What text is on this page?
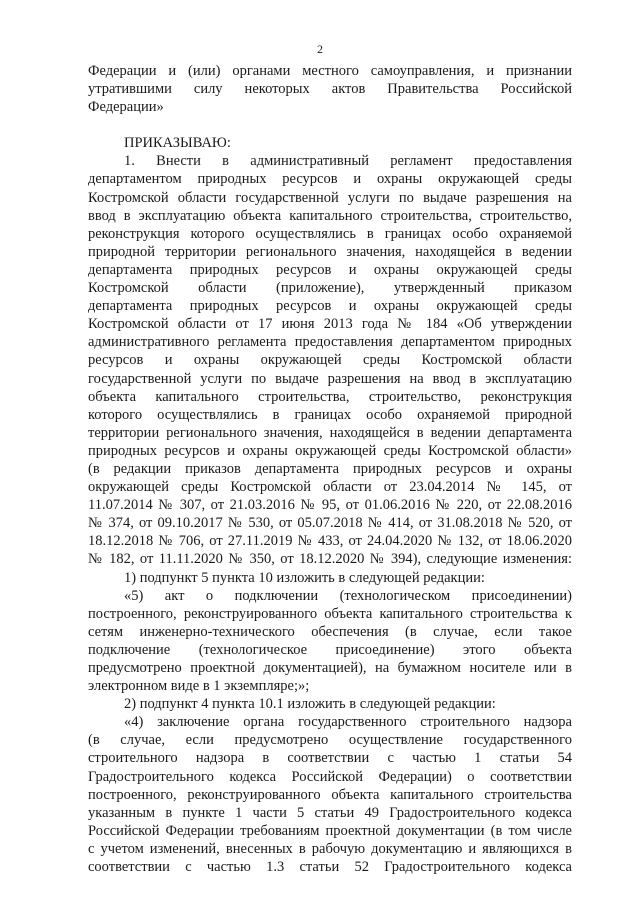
2
Федерации и (или) органами местного самоуправления, и признании
утратившими силу некоторых актов Правительства Российской
Федерации»
ПРИКАЗЫВАЮ:
1. Внести в административный регламент предоставления
департаментом природных ресурсов и охраны окружающей среды
Костромской области государственной услуги по выдаче разрешения на
ввод в эксплуатацию объекта капитального строительства, строительство,
реконструкция которого осуществлялись в границах особо охраняемой
природной территории регионального значения, находящейся в ведении
департамента природных ресурсов и охраны окружающей среды
Костромской области (приложение), утвержденный приказом
департамента природных ресурсов и охраны окружающей среды
Костромской области от 17 июня 2013 года № 184 «Об утверждении
административного регламента предоставления департаментом природных
ресурсов и охраны окружающей среды Костромской области
государственной услуги по выдаче разрешения на ввод в эксплуатацию
объекта капитального строительства, строительство, реконструкция
которого осуществлялись в границах особо охраняемой природной
территории регионального значения, находящейся в ведении департамента
природных ресурсов и охраны окружающей среды Костромской области»
(в редакции приказов департамента природных ресурсов и охраны
окружающей среды Костромской области от 23.04.2014 № 145, от
11.07.2014 № 307, от 21.03.2016 № 95, от 01.06.2016 № 220, от 22.08.2016
№ 374, от 09.10.2017 № 530, от 05.07.2018 № 414, от 31.08.2018 № 520, от
18.12.2018 № 706, от 27.11.2019 № 433, от 24.04.2020 № 132, от 18.06.2020
№ 182, от 11.11.2020 № 350, от 18.12.2020 № 394), следующие изменения:
1) подпункт 5 пункта 10 изложить в следующей редакции:
«5) акт о подключении (технологическом присоединении)
построенного, реконструированного объекта капитального строительства к
сетям инженерно-технического обеспечения (в случае, если такое
подключение (технологическое присоединение) этого объекта
предусмотрено проектной документацией), на бумажном носителе или в
электронном виде в 1 экземпляре;»;
2) подпункт 4 пункта 10.1 изложить в следующей редакции:
«4) заключение органа государственного строительного надзора
(в случае, если предусмотрено осуществление государственного
строительного надзора в соответствии с частью 1 статьи 54
Градостроительного кодекса Российской Федерации) о соответствии
построенного, реконструированного объекта капитального строительства
указанным в пункте 1 части 5 статьи 49 Градостроительного кодекса
Российской Федерации требованиям проектной документации (в том числе
с учетом изменений, внесенных в рабочую документацию и являющихся в
соответствии с частью 1.3 статьи 52 Градостроительного кодекса
